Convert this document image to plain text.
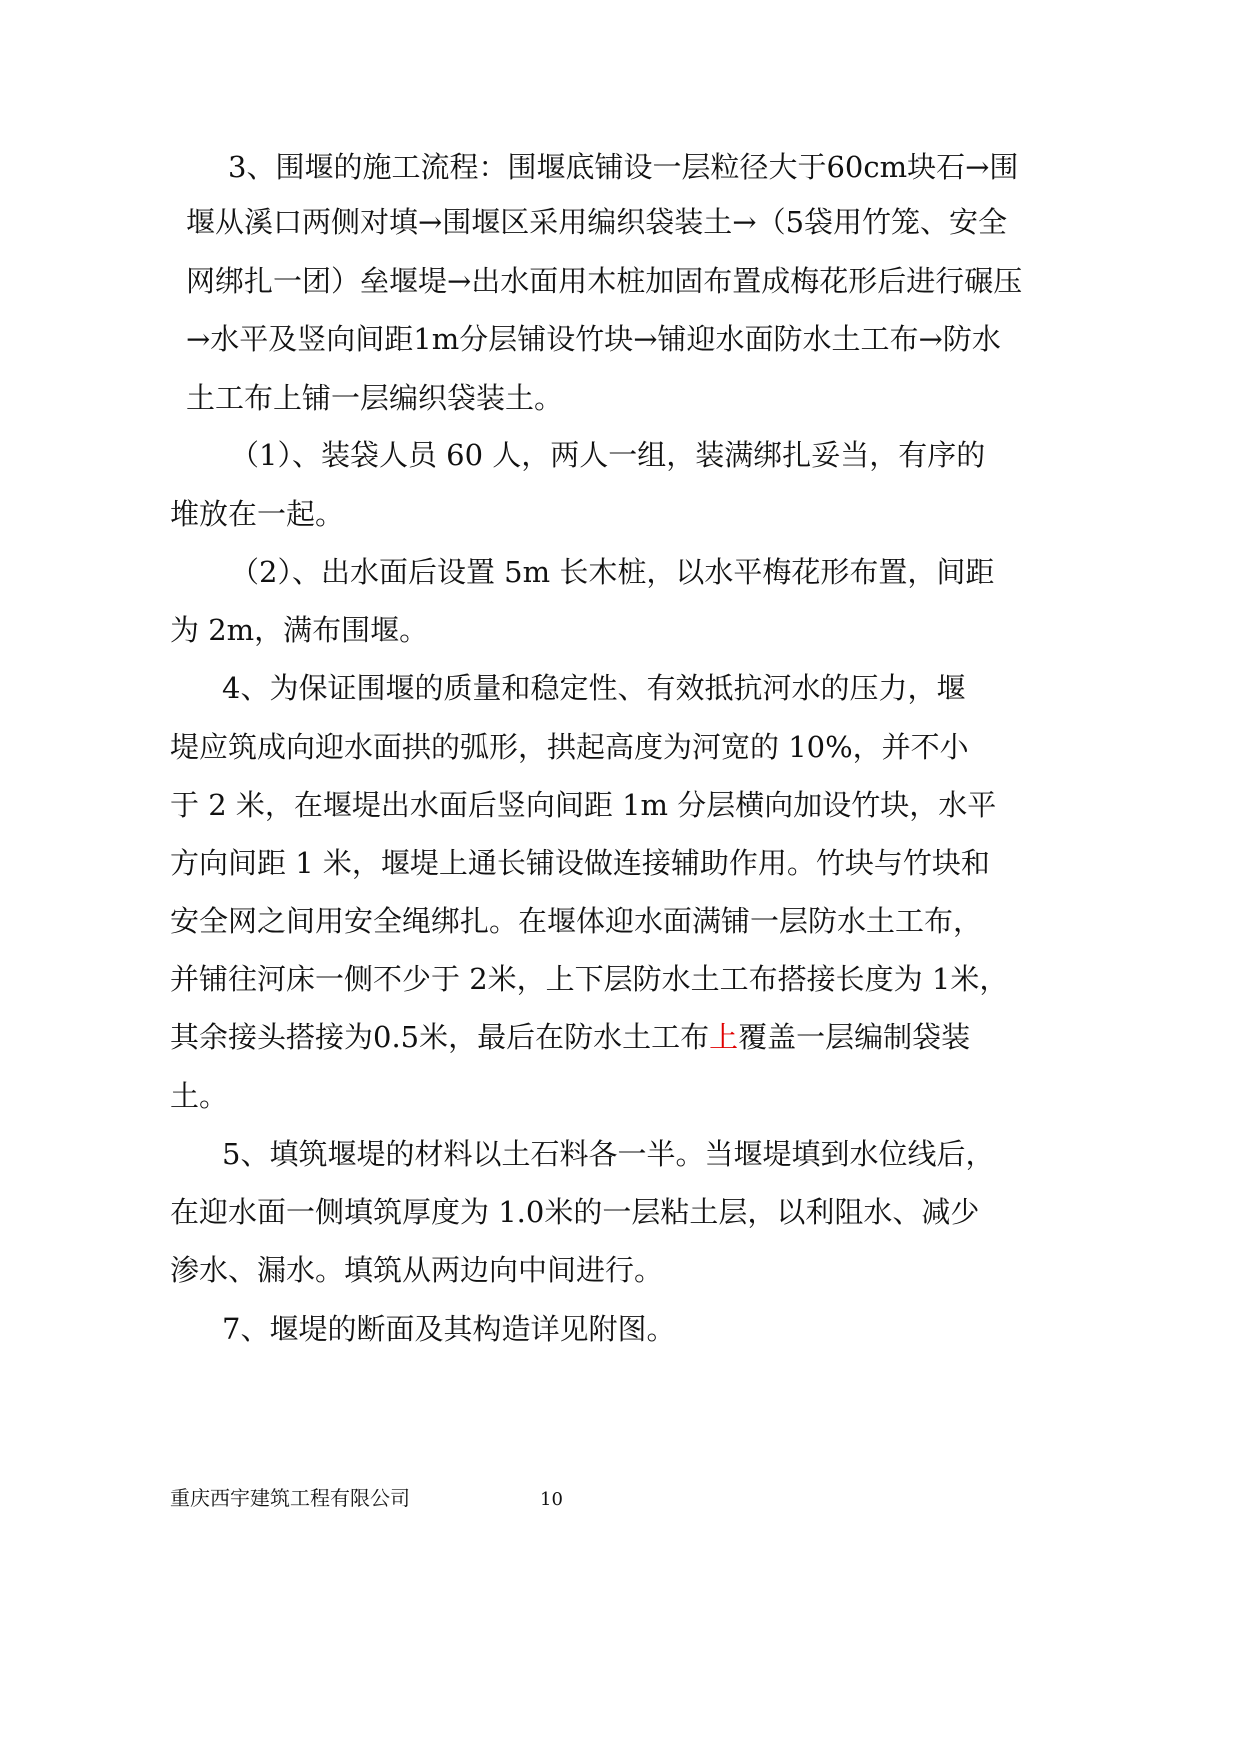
3、围堰的施工流程：围堰底铺设一层粒径大于60cm块石→围
堰从溪口两侧对填→围堰区采用编织袋装土→（5袋用竹笼、安全
网绑扎一团）垒堰堤→出水面用木桩加固布置成梅花形后进行碾压
→水平及竖向间距1m分层铺设竹块→铺迎水面防水土工布→防水
土工布上铺一层编织袋装土。
（1）、装袋人员 60 人，两人一组，装满绑扎妥当，有序的
堆放在一起。
（2）、出水面后设置 5m 长木桩，以水平梅花形布置，间距
为 2m，满布围堰。
4、为保证围堰的质量和稳定性、有效抵抗河水的压力，堰
堤应筑成向迎水面拱的弧形，拱起高度为河宽的 10%，并不小
于 2 米，在堰堤出水面后竖向间距 1m 分层横向加设竹块，水平
方向间距 1 米，堰堤上通长铺设做连接辅助作用。竹块与竹块和
安全网之间用安全绳绑扎。在堰体迎水面满铺一层防水土工布，
并铺往河床一侧不少于 2米，上下层防水土工布搭接长度为 1米，
其余接头搭接为0.5米，最后在防水土工布上覆盖一层编制袋装
土。
5、填筑堰堤的材料以土石料各一半。当堰堤填到水位线后，
在迎水面一侧填筑厚度为 1.0米的一层粘土层，以利阻水、减少
渗水、漏水。填筑从两边向中间进行。
7、堰堤的断面及其构造详见附图。
重庆西宇建筑工程有限公司	10
